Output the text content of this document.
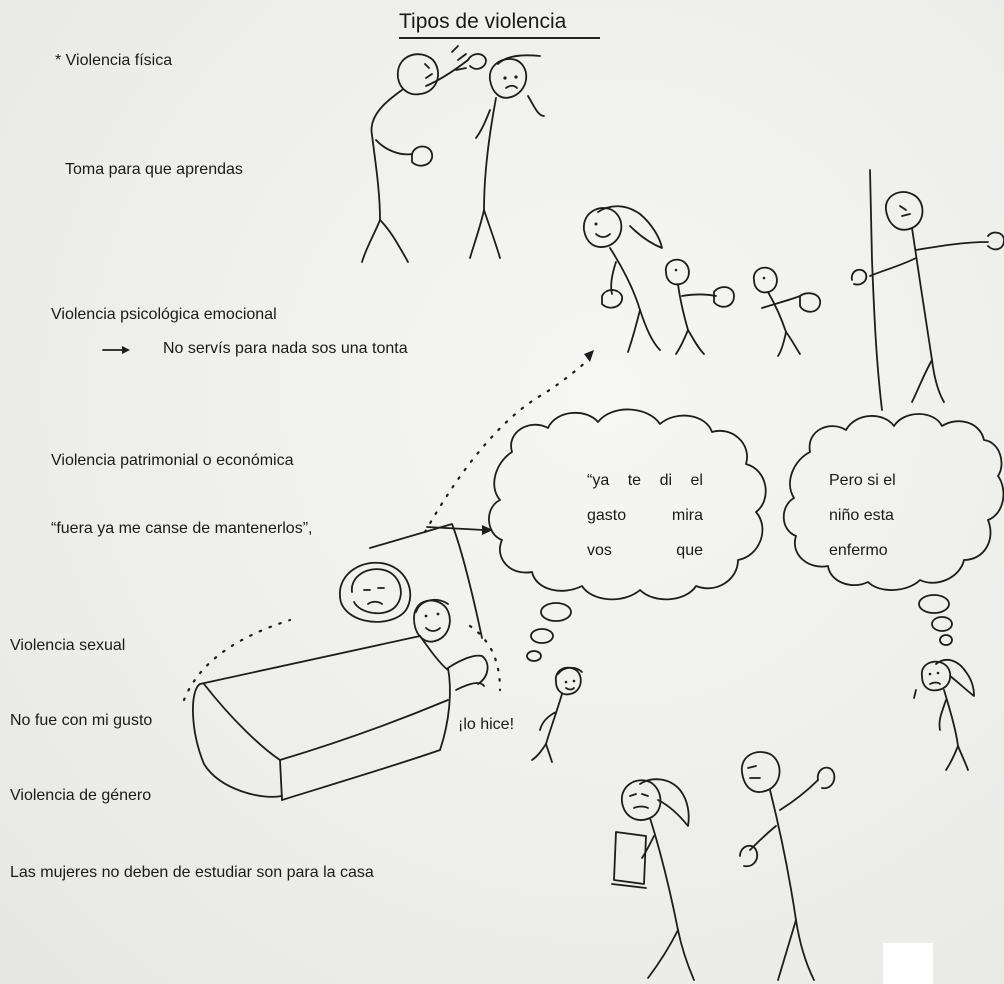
Tipos de violencia
* Violencia física
Toma para que aprendas
Violencia psicológica emocional
No servís para nada sos una tonta
Violencia patrimonial o económica
“fuera ya me canse de mantenerlos”,
Violencia sexual
No fue con mi gusto	¡lo hice!
Violencia de género
Las mujeres no deben de estudiar son para la casa
“ya te di el
gasto	mira
vos	que
Pero si el
niño esta
enfermo
